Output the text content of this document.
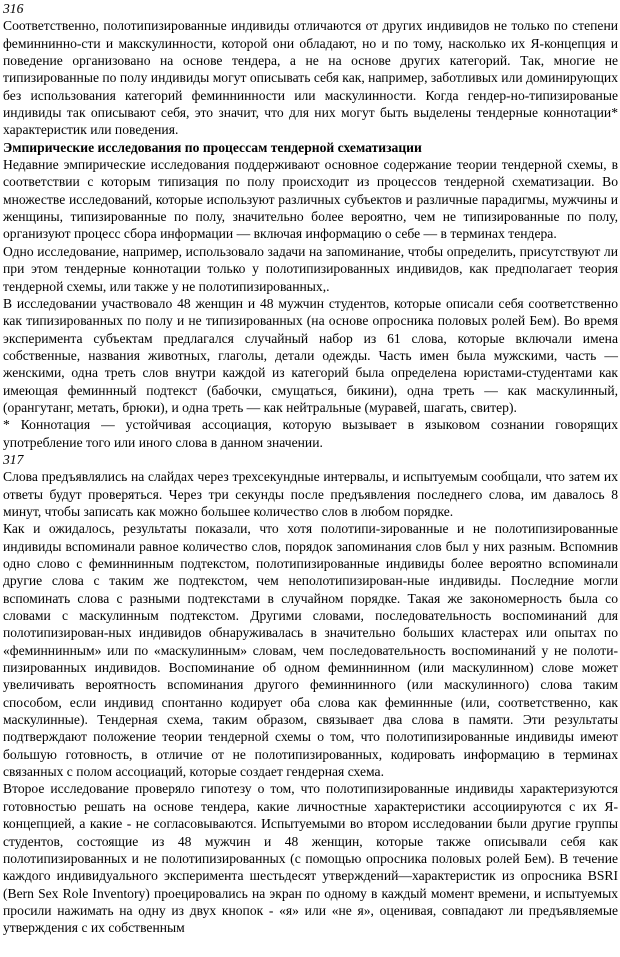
316

Соответственно, полотипизированные индивиды отличаются от других индивидов не только по степени феминнинно-сти и макскулинности, которой они обладают, но и по тому, насколько их Я-концепция и поведение организовано на основе тендера, а не на основе других категорий. Так, многие не типизированные по полу индивиды могут описывать себя как, например, заботливых или доминирующих без использования категорий феминнинности или маскулинности. Когда гендер-но-типизированые индивиды так описывают себя, это значит, что для них могут быть выделены тендерные коннотации* характеристик или поведения.

Эмпирические исследования по процессам тендерной схематизации

Недавние эмпирические исследования поддерживают основное содержание теории тендерной схемы, в соответствии с которым типизация по полу происходит из процессов тендерной схематизации. Во множестве исследований, которые используют различных субъектов и различные парадигмы, мужчины и женщины, типизированные по полу, значительно более вероятно, чем не типизированные по полу, организуют процесс сбора информации — включая информацию о себе — в терминах тендера.

Одно исследование, например, использовало задачи на запоминание, чтобы определить, присутствуют ли при этом тендерные коннотации только у полотипизированных индивидов, как предполагает теория тендерной схемы, или также у не полотипизированных,.

В исследовании участвовало 48 женщин и 48 мужчин студентов, которые описали себя соответственно как типизированных по полу и не типизированных (на основе опросника половых ролей Бем). Во время эксперимента субъектам предлагался случайный набор из 61 слова, которые включали имена собственные, названия животных, глаголы, детали одежды. Часть имен была мужскими, часть — женскими, одна треть слов внутри каждой из категорий была определена юристами-студентами как имеющая феминнный подтекст (бабочки, смущаться, бикини), одна треть — как маскулинный, (орангутанг, метать, брюки), и одна треть — как нейтральные (муравей, шагать, свитер).

* Коннотация — устойчивая ассоциация, которую вызывает в языковом сознании говорящих употребление того или иного слова в данном значении.

317

Слова предъявлялись на слайдах через трехсекундные интервалы, и испытуемым сообщали, что затем их ответы будут проверяться. Через три секунды после предъявления последнего слова, им давалось 8 минут, чтобы записать как можно большее количество слов в любом порядке.

Как и ожидалось, результаты показали, что хотя полотипи-зированные и не полотипизированные индивиды вспоминали равное количество слов, порядок запоминания слов был у них разным. Вспомнив одно слово с феминнинным подтекстом, полотипизированные индивиды более вероятно вспоминали другие слова с таким же подтекстом, чем неполотипизирован-ные индивиды. Последние могли вспоминать слова с разными подтекстами в случайном порядке. Такая же закономерность была со словами с маскулинным подтекстом. Другими словами, последовательность воспоминаний для полотипизирован-ных индивидов обнаруживалась в значительно больших кластерах или опытах по «феминнинным» или по «маскулинным» словам, чем последовательность воспоминаний у не полоти-пизированных индивидов. Воспоминание об одном феминнинном (или маскулинном) слове может увеличивать вероятность вспоминания другого феминнинного (или маскулинного) слова таким способом, если индивид спонтанно кодирует оба слова как феминнные (или, соответственно, как маскулинные). Тендерная схема, таким образом, связывает два слова в памяти. Эти результаты подтверждают положение теории тендерной схемы о том, что полотипизированные индивиды имеют большую готовность, в отличие от не полотипизированных, кодировать информацию в терминах связанных с полом ассоциаций, которые создает гендерная схема.

Второе исследование проверяло гипотезу о том, что полотипизированные индивиды характеризуются готовностью решать на основе тендера, какие личностные характеристики ассоциируются с их Я-концепцией, а какие - не согласовываются. Испытуемыми во втором исследовании были другие группы студентов, состоящие из 48 мужчин и 48 женщин, которые также описывали себя как полотипизированных и не полотипизированных (с помощью опросника половых ролей Бем). В течение каждого индивидуального эксперимента шестьдесят утверждений—характеристик из опросника BSRI (Bern Sex Role Inventory) проецировались на экран по одному в каждый момент времени, и испытуемых просили нажимать на одну из двух кнопок - «я» или «не я», оценивая, совпадают ли предъявляемые утверждения с их собственным
